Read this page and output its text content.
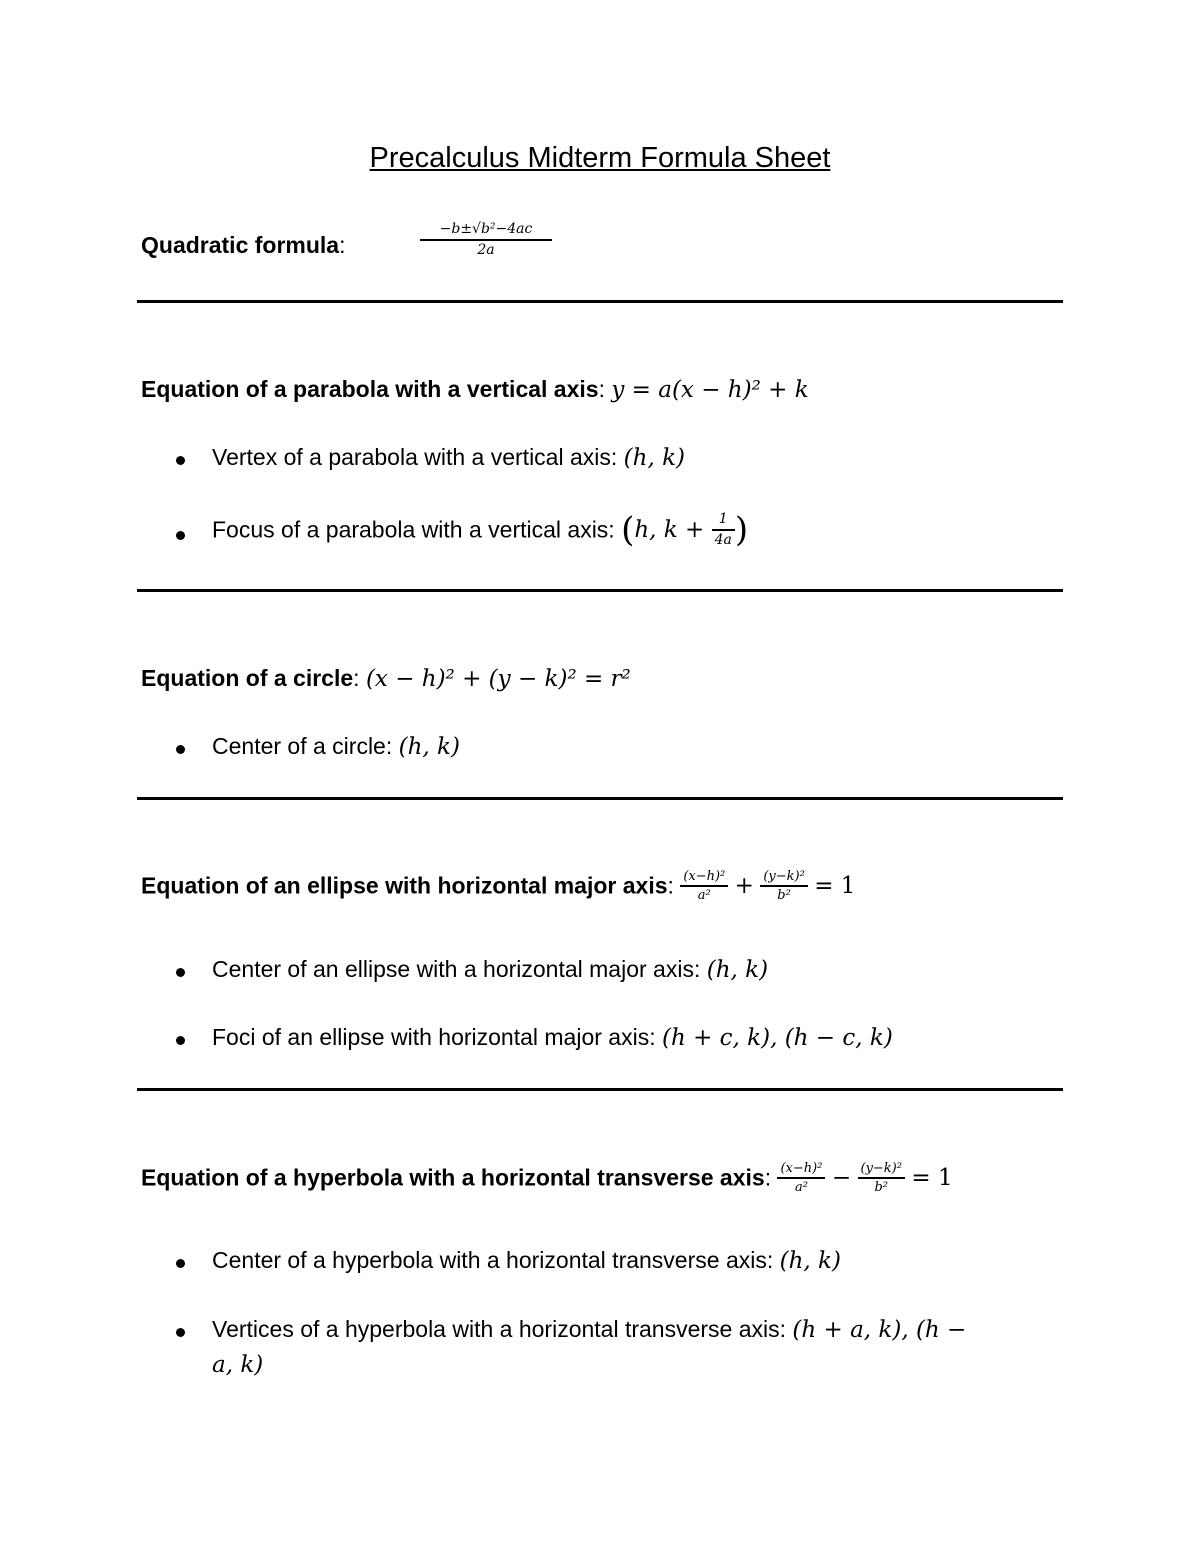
Precalculus Midterm Formula Sheet
Quadratic formula:	$\frac{\text{−b±√b²−4ac}}{2a}$
Equation of a parabola with a vertical axis: y = a(x − h)² + k
Vertex of a parabola with a vertical axis: (h, k)
Focus of a parabola with a vertical axis: (h, $k + \frac{1}{4a}$ )
Equation of a circle: (x − h)² + (y − k)² = r²
Center of a circle: (h, k)
Equation of an ellipse with horizontal major axis: $\frac{\text{(x−h)²}}{\text{a²}} + \frac{\text{(y−k)²}}{\text{b²}} = 1$
Center of an ellipse with a horizontal major axis: (h, k)
Foci of an ellipse with horizontal major axis: (h + c, k), (h − c, k)
Equation of a hyperbola with a horizontal transverse axis: $\frac{\text{(x−h)²}}{\text{a²}} - \frac{\text{(y−k)²}}{\text{b²}} = 1$
Center of a hyperbola with a horizontal transverse axis: (h, k)
Vertices of a hyperbola with a horizontal transverse axis: (h + a, k), (h −
a, k)
